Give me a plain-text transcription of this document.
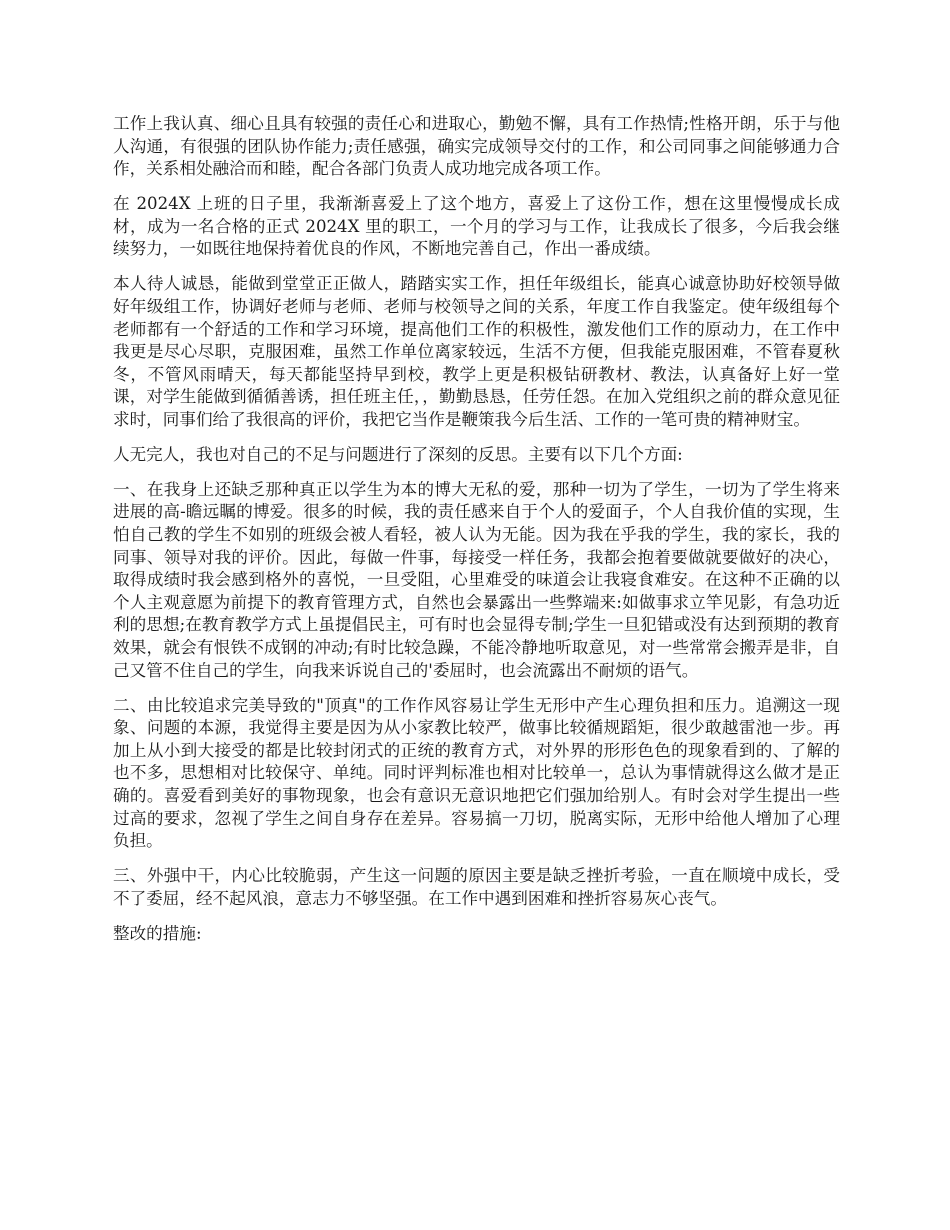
工作上我认真、细心且具有较强的责任心和进取心，勤勉不懈，具有工作热情;性格开朗，乐于与他人沟通，有很强的团队协作能力;责任感强，确实完成领导交付的工作，和公司同事之间能够通力合作，关系相处融洽而和睦，配合各部门负责人成功地完成各项工作。

在 2024X 上班的日子里，我渐渐喜爱上了这个地方，喜爱上了这份工作，想在这里慢慢成长成材，成为一名合格的正式 2024X 里的职工，一个月的学习与工作，让我成长了很多，今后我会继续努力，一如既往地保持着优良的作风，不断地完善自己，作出一番成绩。

本人待人诚恳，能做到堂堂正正做人，踏踏实实工作，担任年级组长，能真心诚意协助好校领导做好年级组工作，协调好老师与老师、老师与校领导之间的关系，年度工作自我鉴定。使年级组每个老师都有一个舒适的工作和学习环境，提高他们工作的积极性，激发他们工作的原动力，在工作中我更是尽心尽职，克服困难，虽然工作单位离家较远，生活不方便，但我能克服困难，不管春夏秋冬，不管风雨晴天，每天都能坚持早到校，教学上更是积极钻研教材、教法，认真备好上好一堂课，对学生能做到循循善诱，担任班主任，，勤勤恳恳，任劳任怨。在加入党组织之前的群众意见征求时，同事们给了我很高的评价，我把它当作是鞭策我今后生活、工作的一笔可贵的精神财宝。

人无完人，我也对自己的不足与问题进行了深刻的反思。主要有以下几个方面:

一、在我身上还缺乏那种真正以学生为本的博大无私的爱，那种一切为了学生，一切为了学生将来进展的高-瞻远瞩的博爱。很多的时候，我的责任感来自于个人的爱面子，个人自我价值的实现，生怕自己教的学生不如别的班级会被人看轻，被人认为无能。因为我在乎我的学生，我的家长，我的同事、领导对我的评价。因此，每做一件事，每接受一样任务，我都会抱着要做就要做好的决心，取得成绩时我会感到格外的喜悦，一旦受阻，心里难受的味道会让我寝食难安。在这种不正确的以个人主观意愿为前提下的教育管理方式，自然也会暴露出一些弊端来:如做事求立竿见影，有急功近利的思想;在教育教学方式上虽提倡民主，可有时也会显得专制;学生一旦犯错或没有达到预期的教育效果，就会有恨铁不成钢的冲动;有时比较急躁，不能冷静地听取意见，对一些常常会搬弄是非，自己又管不住自己的学生，向我来诉说自己的'委屈时，也会流露出不耐烦的语气。

二、由比较追求完美导致的"顶真"的工作作风容易让学生无形中产生心理负担和压力。追溯这一现象、问题的本源，我觉得主要是因为从小家教比较严，做事比较循规蹈矩，很少敢越雷池一步。再加上从小到大接受的都是比较封闭式的正统的教育方式，对外界的形形色色的现象看到的、了解的也不多，思想相对比较保守、单纯。同时评判标准也相对比较单一，总认为事情就得这么做才是正确的。喜爱看到美好的事物现象，也会有意识无意识地把它们强加给别人。有时会对学生提出一些过高的要求，忽视了学生之间自身存在差异。容易搞一刀切，脱离实际，无形中给他人增加了心理负担。

三、外强中干，内心比较脆弱，产生这一问题的原因主要是缺乏挫折考验，一直在顺境中成长，受不了委屈，经不起风浪，意志力不够坚强。在工作中遇到困难和挫折容易灰心丧气。

整改的措施:
